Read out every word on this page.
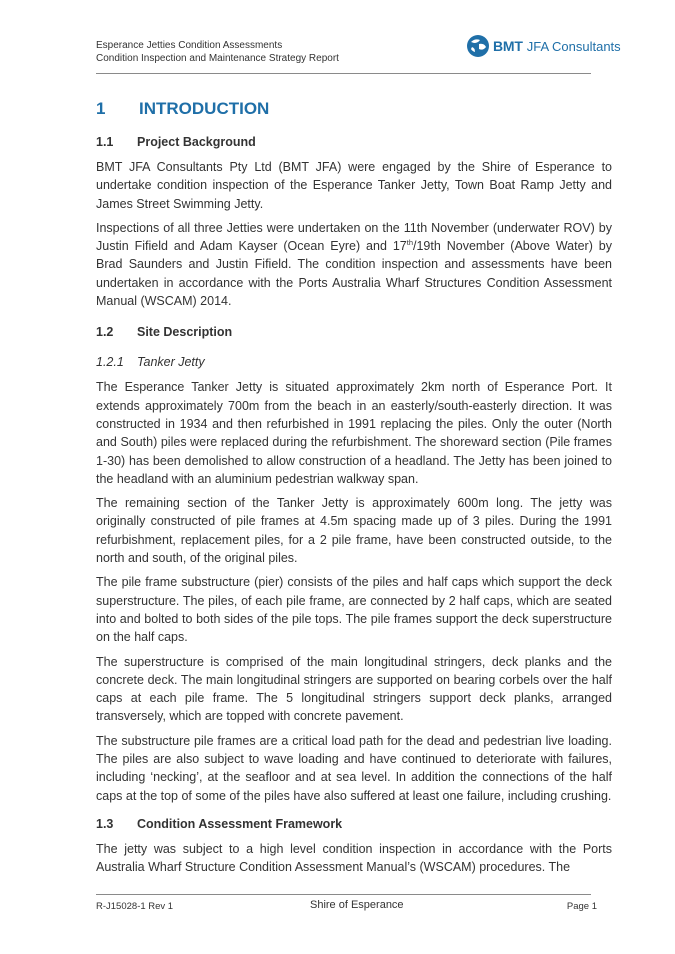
Esperance Jetties Condition Assessments
Condition Inspection and Maintenance Strategy Report
BMT JFA Consultants
1	INTRODUCTION
1.1	Project Background

BMT JFA Consultants Pty Ltd (BMT JFA) were engaged by the Shire of Esperance to undertake condition inspection of the Esperance Tanker Jetty, Town Boat Ramp Jetty and James Street Swimming Jetty.

Inspections of all three Jetties were undertaken on the 11th November (underwater ROV) by Justin Fifield and Adam Kayser (Ocean Eyre) and 17th/19th November (Above Water) by Brad Saunders and Justin Fifield. The condition inspection and assessments have been undertaken in accordance with the Ports Australia Wharf Structures Condition Assessment Manual (WSCAM) 2014.

1.2	Site Description
1.2.1	Tanker Jetty

The Esperance Tanker Jetty is situated approximately 2km north of Esperance Port. It extends approximately 700m from the beach in an easterly/south-easterly direction. It was constructed in 1934 and then refurbished in 1991 replacing the piles. Only the outer (North and South) piles were replaced during the refurbishment. The shoreward section (Pile frames 1-30) has been demolished to allow construction of a headland. The Jetty has been joined to the headland with an aluminium pedestrian walkway span.

The remaining section of the Tanker Jetty is approximately 600m long. The jetty was originally constructed of pile frames at 4.5m spacing made up of 3 piles. During the 1991 refurbishment, replacement piles, for a 2 pile frame, have been constructed outside, to the north and south, of the original piles.

The pile frame substructure (pier) consists of the piles and half caps which support the deck superstructure. The piles, of each pile frame, are connected by 2 half caps, which are seated into and bolted to both sides of the pile tops. The pile frames support the deck superstructure on the half caps.

The superstructure is comprised of the main longitudinal stringers, deck planks and the concrete deck. The main longitudinal stringers are supported on bearing corbels over the half caps at each pile frame. The 5 longitudinal stringers support deck planks, arranged transversely, which are topped with concrete pavement.

The substructure pile frames are a critical load path for the dead and pedestrian live loading. The piles are also subject to wave loading and have continued to deteriorate with failures, including ‘necking’, at the seafloor and at sea level. In addition the connections of the half caps at the top of some of the piles have also suffered at least one failure, including crushing.

1.3	Condition Assessment Framework

The jetty was subject to a high level condition inspection in accordance with the Ports Australia Wharf Structure Condition Assessment Manual’s (WSCAM) procedures. The

R-J15028-1 Rev 1	Shire of Esperance	Page 1
